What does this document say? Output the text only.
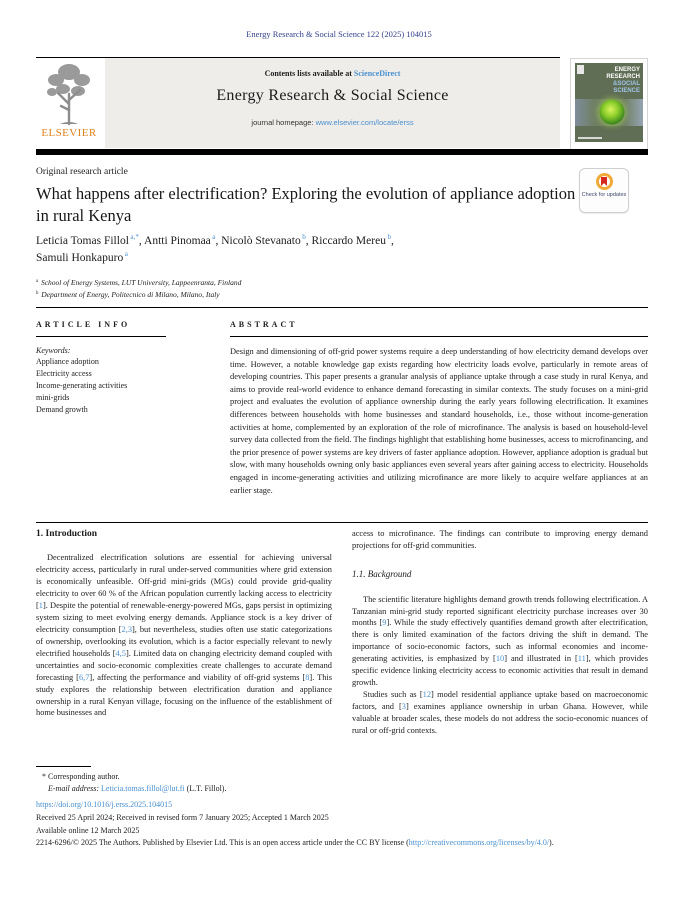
Energy Research & Social Science 122 (2025) 104015
ELSEVIER
Contents lists available at ScienceDirect
Energy Research & Social Science
journal homepage: www.elsevier.com/locate/erss
ENERGY
RESEARCH
&SOCIAL
SCIENCE
Original research article
What happens after electrification? Exploring the evolution of appliance adoption in rural Kenya
Check for updates
Leticia Tomas Fillol $^{a,*}$, Antti Pinomaa $^a$, Nicolò Stevanato $^b$, Riccardo Mereu $^b$,
Samuli Honkapuro $^a$
$^a$ School of Energy Systems, LUT University, Lappeenranta, Finland
$^b$ Department of Energy, Politecnico di Milano, Milano, Italy
ARTICLE INFO
Keywords:
Appliance adoption
Electricity access
Income-generating activities
mini-grids
Demand growth
ABSTRACT
Design and dimensioning of off-grid power systems require a deep understanding of how electricity demand develops over time. However, a notable knowledge gap exists regarding how electricity loads evolve, particularly in remote areas of developing countries. This paper presents a granular analysis of appliance uptake through a case study in rural Kenya, and aims to provide real-world evidence to enhance demand forecasting in similar contexts. The study focuses on a mini-grid project and evaluates the evolution of appliance ownership during the early years following electrification. It examines differences between households with home businesses and standard households, i.e., those without income-generation activities at home, complemented by an exploration of the role of microfinance. The analysis is based on household-level survey data collected from the field. The findings highlight that establishing home businesses, access to microfinancing, and the prior presence of power systems are key drivers of faster appliance adoption. However, appliance adoption is gradual but slow, with many households owning only basic appliances even several years after gaining access to electricity. Households engaged in income-generating activities and utilizing microfinance are more likely to acquire welfare appliances at an earlier stage.
1. Introduction
Decentralized electrification solutions are essential for achieving universal electricity access, particularly in rural under-served communities where grid extension is economically unfeasible. Off-grid mini-grids (MGs) could provide grid-quality electricity to over 60 % of the African population currently lacking access to electricity [1]. Despite the potential of renewable-energy-powered MGs, gaps persist in optimizing system sizing to meet evolving energy demands. Appliance stock is a key driver of electricity consumption [2,3], but nevertheless, studies often use static categorizations of ownership, overlooking its evolution, which is a factor especially relevant to newly electrified households [4,5]. Limited data on changing electricity demand coupled with uncertainties and socio-economic complexities create challenges to accurate demand forecasting [6,7], affecting the performance and viability of off-grid systems [8]. This study explores the relationship between electrification duration and appliance ownership in a rural Kenyan village, focusing on the influence of the establishment of home businesses and
access to microfinance. The findings can contribute to improving energy demand projections for off-grid communities.
1.1. Background
The scientific literature highlights demand growth trends following electrification. A Tanzanian mini-grid study reported significant electricity purchase increases over 30 months [9]. While the study effectively quantifies demand growth after electrification, there is only limited examination of the factors driving the shift in demand. The importance of socio-economic factors, such as informal economies and income-generating activities, is emphasized by [10] and illustrated in [11], which provides specific evidence linking electricity access to economic activities that result in demand growth.
Studies such as [12] model residential appliance uptake based on macroeconomic factors, and [3] examines appliance ownership in urban Ghana. However, while valuable at broader scales, these models do not address the socio-economic nuances of rural or off-grid contexts.
* Corresponding author.
E-mail address: Leticia.tomas.fillol@lut.fi (L.T. Fillol).
https://doi.org/10.1016/j.erss.2025.104015
Received 25 April 2024; Received in revised form 7 January 2025; Accepted 1 March 2025
Available online 12 March 2025
2214-6296/© 2025 The Authors. Published by Elsevier Ltd. This is an open access article under the CC BY license (http://creativecommons.org/licenses/by/4.0/).
